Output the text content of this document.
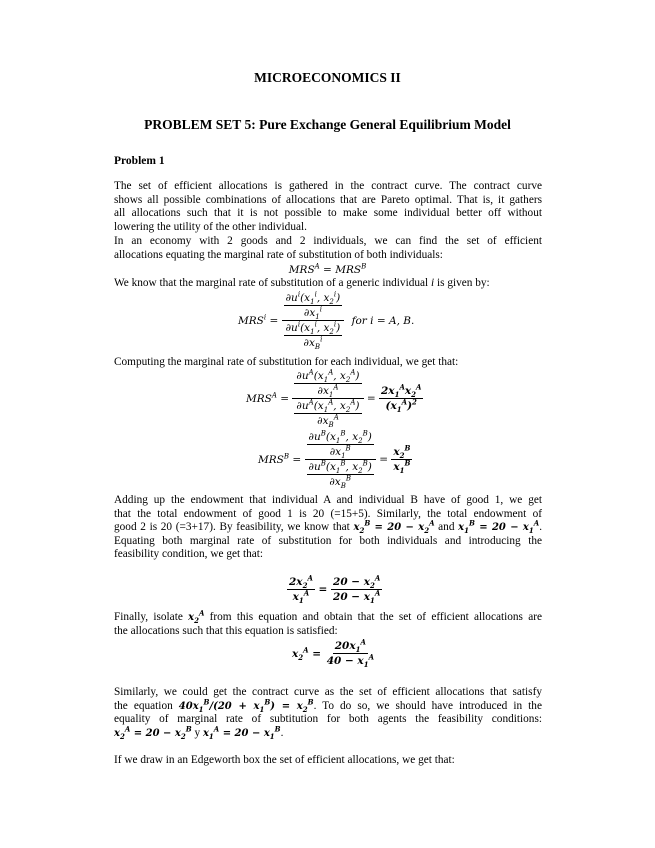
MICROECONOMICS II
PROBLEM SET 5: Pure Exchange General Equilibrium Model
Problem 1
The set of efficient allocations is gathered in the contract curve. The contract curve
shows all possible combinations of allocations that are Pareto optimal. That is, it gathers
all allocations such that it is not possible to make some individual better off without
lowering the utility of the other individual.
In an economy with 2 goods and 2 individuals, we can find the set of efficient
allocations equating the marginal rate of substitution of both individuals:
$MRS^A = MRS^B$
We know that the marginal rate of substitution of a generic individual i is given by:
$MRS^i = \frac{\frac{\partial u^i(x_1^i, x_2^i)}{\partial x_1^i}}{\frac{\partial u^i(x_1^i, x_2^i)}{\partial x_B^i}}$ for i = A, B.
Computing the marginal rate of substitution for each individual, we get that:
$MRS^A = \frac{\frac{\partial u^A(x_1^A, x_2^A)}{\partial x_1^A}}{\frac{\partial u^A(x_1^A, x_2^A)}{\partial x_B^A}} = \frac{2x_1^Ax_2^A}{(x_1^A)^2}$
$MRS^B = \frac{\frac{\partial u^B(x_1^B, x_2^B)}{\partial x_1^B}}{\frac{\partial u^B(x_1^B, x_2^B)}{\partial x_B^B}} = \frac{x_2^B}{x_1^B}$
Adding up the endowment that individual A and individual B have of good 1, we get
that the total endowment of good 1 is 20 (=15+5). Similarly, the total endowment of
good 2 is 20 (=3+17). By feasibility, we know that $x_2^B = 20 - x_2^A$ and $x_1^B = 20 - x_1^A$.
Equating both marginal rate of substitution for both individuals and introducing the
feasibility condition, we get that:
$\frac{2x_2^A}{x_1^A} = \frac{20 - x_2^A}{20 - x_1^A}$
Finally, isolate $x_2^A$ from this equation and obtain that the set of efficient allocations are
the allocations such that this equation is satisfied:
$x_2^A = \frac{20x_1^A}{40 - x_1^A}$
Similarly, we could get the contract curve as the set of efficient allocations that satisfy
the equation $40x_1^B/(20 + x_1^B) = x_2^B$. To do so, we should have introduced in the
equality of marginal rate of subtitution for both agents the feasibility conditions:
$x_2^A = 20 - x_2^B$ y $x_1^A = 20 - x_1^B$.
If we draw in an Edgeworth box the set of efficient allocations, we get that:
